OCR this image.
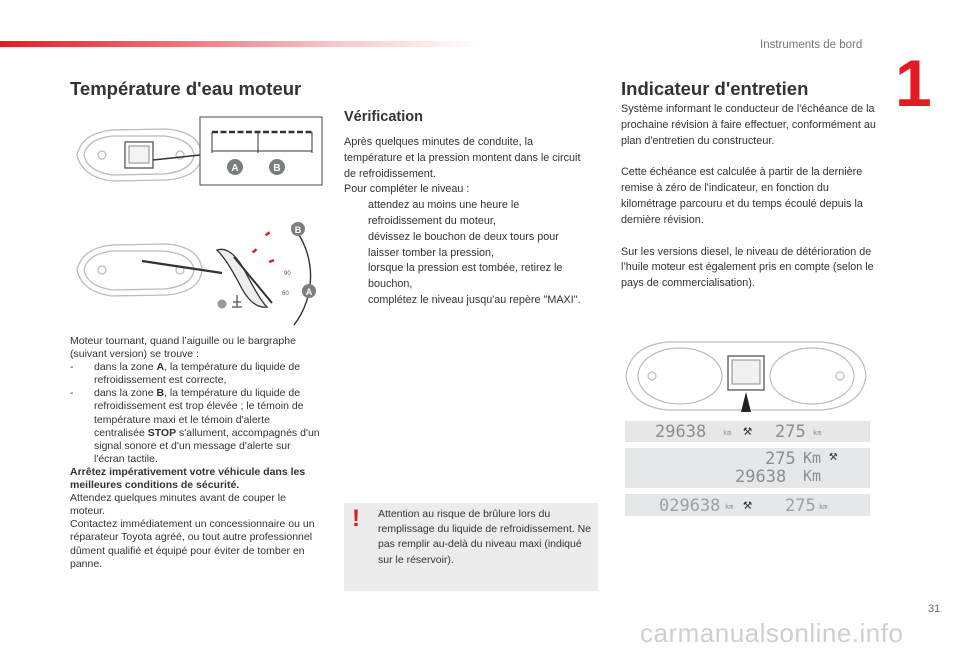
Instruments de bord
1
Température d'eau moteur
A	B
90
60
B
A

Moteur tournant, quand l’aiguille ou le bargraphe (suivant version) se trouve :

- dans la zone A, la température du liquide de refroidissement est correcte,
- dans la zone B, la température du liquide de refroidissement est trop élevée ; le témoin de température maxi et le témoin d'alerte centralisée STOP s'allument, accompagnés d'un signal sonore et d'un message d'alerte sur l'écran tactile.

Arrêtez impérativement votre véhicule dans les meilleures conditions de sécurité.

Attendez quelques minutes avant de couper le moteur.

Contactez immédiatement un concessionnaire ou un réparateur Toyota agréé, ou tout autre professionnel dûment qualifié et équipé pour éviter de tomber en panne.

Vérification

Après quelques minutes de conduite, la température et la pression montent dans le circuit de refroidissement.

Pour compléter le niveau :

attendez au moins une heure le refroidissement du moteur,
dévissez le bouchon de deux tours pour laisser tomber la pression,
lorsque la pression est tombée, retirez le bouchon,
complétez le niveau jusqu'au repère "MAXI".
! Attention au risque de brûlure lors du remplissage du liquide de refroidissement. Ne pas remplir au-delà du niveau maxi (indiqué sur le réservoir).
Indicateur d'entretien

Système informant le conducteur de l'échéance de la prochaine révision à faire effectuer, conformément au plan d'entretien du constructeur.

Cette échéance est calculée à partir de la dernière remise à zéro de l'indicateur, en fonction du kilométrage parcouru et du temps écoulé depuis la dernière révision.

Sur les versions diesel, le niveau de détérioration de l’huile moteur est également pris en compte (selon le pays de commercialisation).

29638 km ⚒ 275 km
275 Km ⚒
29638 Km
029638 km ⚒ 275 km
31
carmanualsonline.info
